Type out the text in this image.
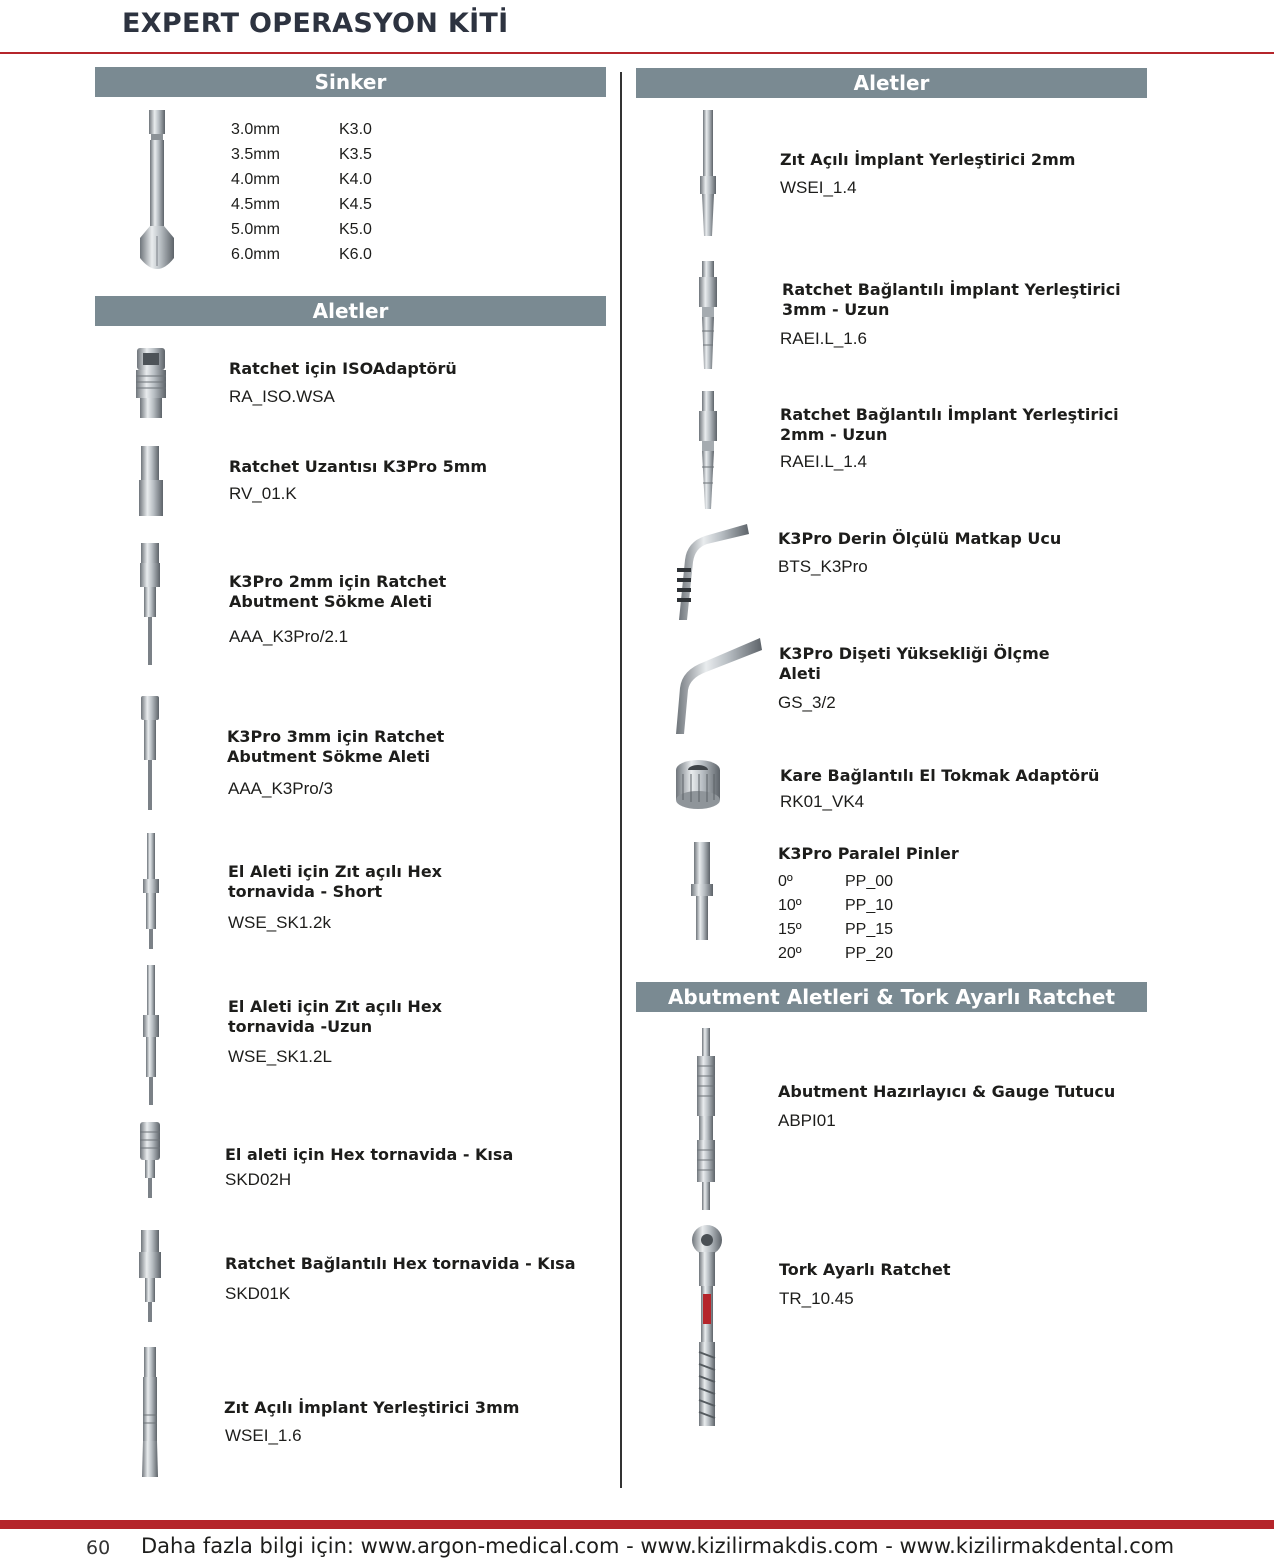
EXPERT OPERASYON KİTİ
Sinker
3.0mm	K3.0
3.5mm	K3.5
4.0mm	K4.0
4.5mm	K4.5
5.0mm	K5.0
6.0mm	K6.0
Aletler
Ratchet için ISOAdaptörü
RA_ISO.WSA
Ratchet Uzantısı K3Pro 5mm
RV_01.K
K3Pro 2mm için Ratchet
Abutment Sökme Aleti
AAA_K3Pro/2.1
K3Pro 3mm için Ratchet
Abutment Sökme Aleti
AAA_K3Pro/3
El Aleti için Zıt açılı Hex
tornavida - Short
WSE_SK1.2k
El Aleti için Zıt açılı Hex
tornavida -Uzun
WSE_SK1.2L
El aleti için Hex tornavida - Kısa
SKD02H
Ratchet Bağlantılı Hex tornavida - Kısa
SKD01K
Zıt Açılı İmplant Yerleştirici 3mm
WSEI_1.6
Aletler
Zıt Açılı İmplant Yerleştirici 2mm
WSEI_1.4
Ratchet Bağlantılı İmplant Yerleştirici
3mm - Uzun
RAEI.L_1.6
Ratchet Bağlantılı İmplant Yerleştirici
2mm - Uzun
RAEI.L_1.4
K3Pro Derin Ölçülü Matkap Ucu
BTS_K3Pro
K3Pro Dişeti Yüksekliği Ölçme
Aleti
GS_3/2
Kare Bağlantılı El Tokmak Adaptörü
RK01_VK4
K3Pro Paralel Pinler
0º	PP_00
10º	PP_10
15º	PP_15
20º	PP_20
Abutment Aletleri & Tork Ayarlı Ratchet
Abutment Hazırlayıcı & Gauge Tutucu
ABPI01
Tork Ayarlı Ratchet
TR_10.45
60 Daha fazla bilgi için: www.argon-medical.com - www.kizilirmakdis.com - www.kizilirmakdental.com
